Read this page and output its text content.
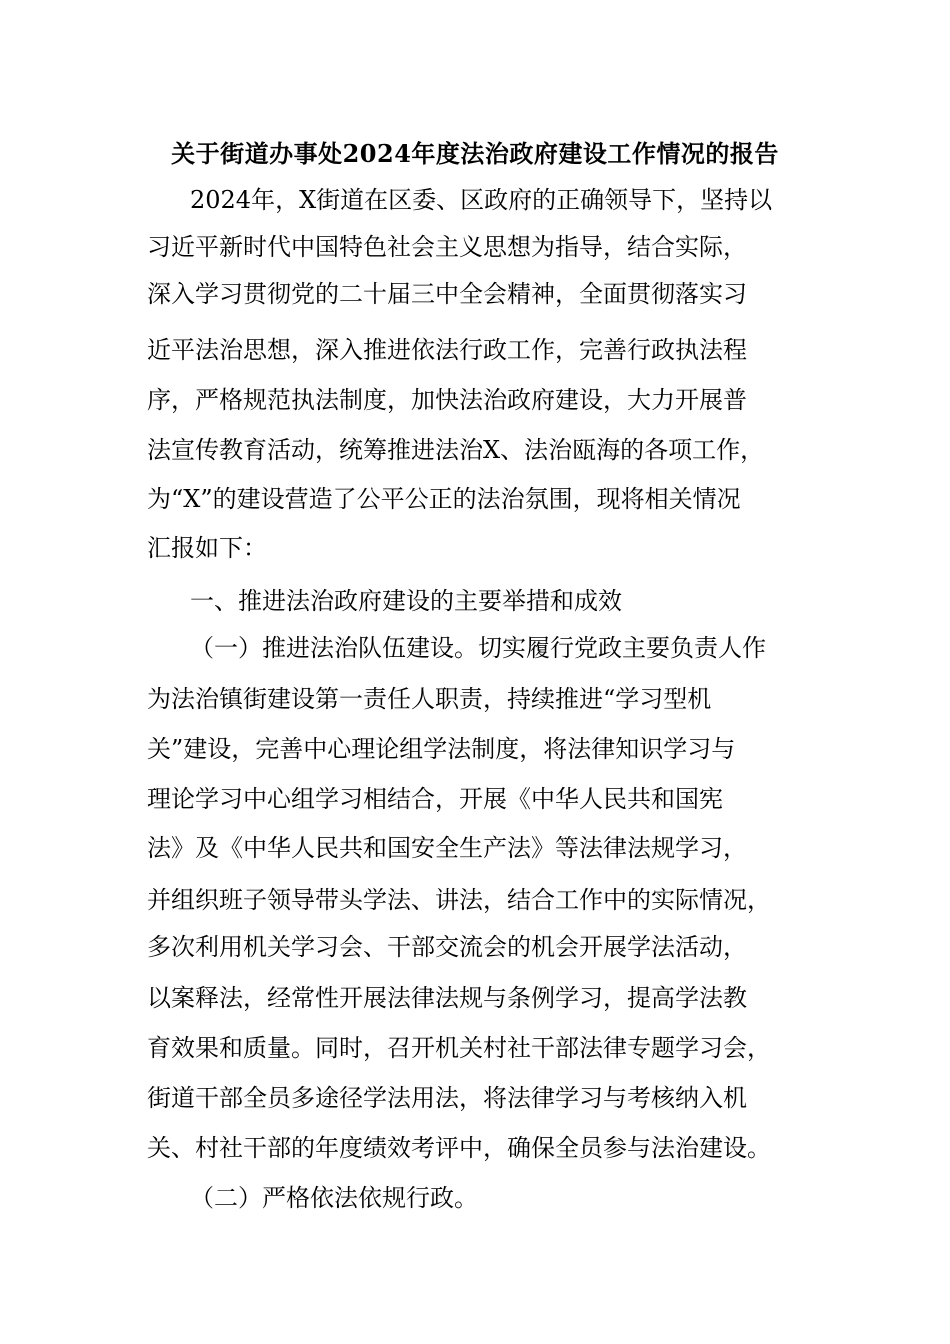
关于街道办事处2024年度法治政府建设工作情况的报告

2024年，X街道在区委、区政府的正确领导下，坚持以

习近平新时代中国特色社会主义思想为指导，结合实际，

深入学习贯彻党的二十届三中全会精神，全面贯彻落实习

近平法治思想，深入推进依法行政工作，完善行政执法程

序，严格规范执法制度，加快法治政府建设，大力开展普

法宣传教育活动，统筹推进法治X、法治瓯海的各项工作，

为“X”的建设营造了公平公正的法治氛围，现将相关情况

汇报如下：

一、推进法治政府建设的主要举措和成效

（一）推进法治队伍建设。切实履行党政主要负责人作

为法治镇街建设第一责任人职责，持续推进“学习型机

关”建设，完善中心理论组学法制度，将法律知识学习与

理论学习中心组学习相结合，开展《中华人民共和国宪

法》及《中华人民共和国安全生产法》等法律法规学习，

并组织班子领导带头学法、讲法，结合工作中的实际情况，

多次利用机关学习会、干部交流会的机会开展学法活动，

以案释法，经常性开展法律法规与条例学习，提高学法教

育效果和质量。同时，召开机关村社干部法律专题学习会，

街道干部全员多途径学法用法，将法律学习与考核纳入机

关、村社干部的年度绩效考评中，确保全员参与法治建设。

（二）严格依法依规行政。
